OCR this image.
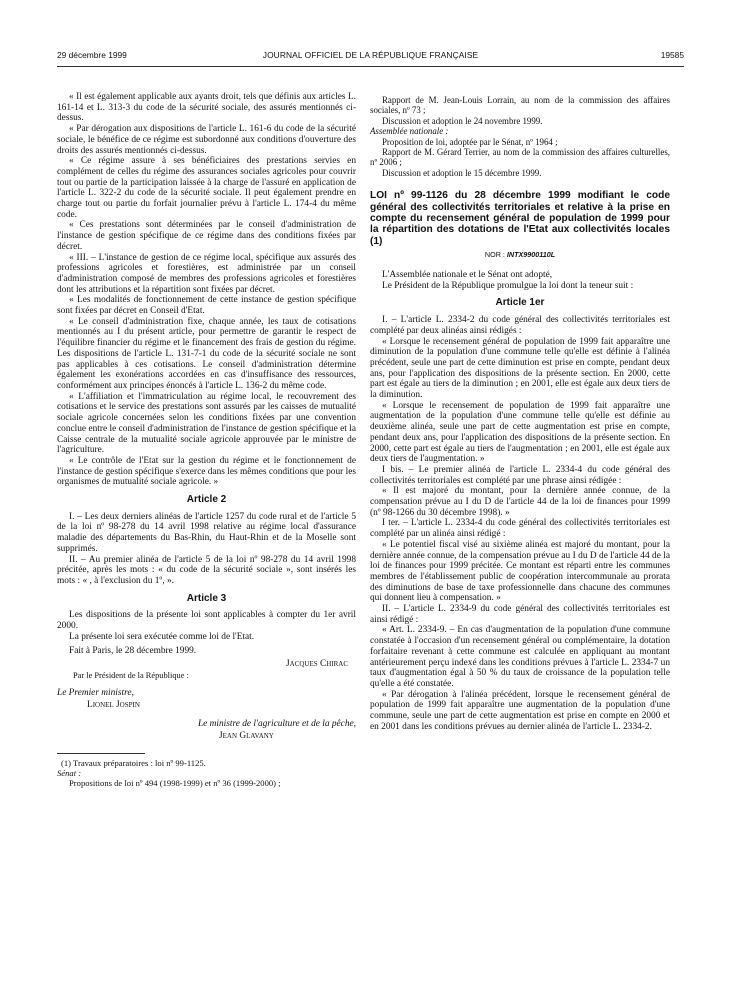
29 décembre 1999	JOURNAL OFFICIEL DE LA RÉPUBLIQUE FRANÇAISE	19585

« Il est également applicable aux ayants droit, tels que définis aux articles L. 161-14 et L. 313-3 du code de la sécurité sociale, des assurés mentionnés ci-dessus.

« Par dérogation aux dispositions de l'article L. 161-6 du code de la sécurité sociale, le bénéfice de ce régime est subordonné aux conditions d'ouverture des droits des assurés mentionnés ci-dessus.

« Ce régime assure à ses bénéficiaires des prestations servies en complément de celles du régime des assurances sociales agricoles pour couvrir tout ou partie de la participation laissée à la charge de l'assuré en application de l'article L. 322-2 du code de la sécurité sociale. Il peut également prendre en charge tout ou partie du forfait journalier prévu à l'article L. 174-4 du même code.

« Ces prestations sont déterminées par le conseil d'administration de l'instance de gestion spécifique de ce régime dans des conditions fixées par décret.

« III. – L'instance de gestion de ce régime local, spécifique aux assurés des professions agricoles et forestières, est administrée par un conseil d'administration composé de membres des professions agricoles et forestières dont les attributions et la répartition sont fixées par décret.

« Les modalités de fonctionnement de cette instance de gestion spécifique sont fixées par décret en Conseil d'Etat.

« Le conseil d'administration fixe, chaque année, les taux de cotisations mentionnés au I du présent article, pour permettre de garantir le respect de l'équilibre financier du régime et le financement des frais de gestion du régime. Les dispositions de l'article L. 131-7-1 du code de la sécurité sociale ne sont pas applicables à ces cotisations. Le conseil d'administration détermine également les exonérations accordées en cas d'insuffisance des ressources, conformément aux principes énoncés à l'article L. 136-2 du même code.

« L'affiliation et l'immatriculation au régime local, le recouvrement des cotisations et le service des prestations sont assurés par les caisses de mutualité sociale agricole concernées selon les conditions fixées par une convention conclue entre le conseil d'administration de l'instance de gestion spécifique et la Caisse centrale de la mutualité sociale agricole approuvée par le ministre de l'agriculture.

« Le contrôle de l'Etat sur la gestion du régime et le fonctionnement de l'instance de gestion spécifique s'exerce dans les mêmes conditions que pour les organismes de mutualité sociale agricole. »

Article 2

I. – Les deux derniers alinéas de l'article 1257 du code rural et de l'article 5 de la loi nº 98-278 du 14 avril 1998 relative au régime local d'assurance maladie des départements du Bas-Rhin, du Haut-Rhin et de la Moselle sont supprimés.

II. – Au premier alinéa de l'article 5 de la loi nº 98-278 du 14 avril 1998 précitée, après les mots : « du code de la sécurité sociale », sont insérés les mots : « , à l'exclusion du 1º, ».

Article 3

Les dispositions de la présente loi sont applicables à compter du 1er avril 2000.

La présente loi sera exécutée comme loi de l'Etat.

Fait à Paris, le 28 décembre 1999.

Jacques Chirac

Par le Président de la République :

Le Premier ministre,

Lionel Jospin

Le ministre de l'agriculture et de la pêche,

Jean Glavany

(1) Travaux préparatoires : loi nº 99-1125.

Sénat :

Propositions de loi nº 494 (1998-1999) et nº 36 (1999-2000) ;

Rapport de M. Jean-Louis Lorrain, au nom de la commission des affaires sociales, nº 73 ;

Discussion et adoption le 24 novembre 1999.

Assemblée nationale :

Proposition de loi, adoptée par le Sénat, nº 1964 ;

Rapport de M. Gérard Terrier, au nom de la commission des affaires culturelles, nº 2006 ;

Discussion et adoption le 15 décembre 1999.

LOI nº 99-1126 du 28 décembre 1999 modifiant le code général des collectivités territoriales et relative à la prise en compte du recensement général de population de 1999 pour la répartition des dotations de l'Etat aux collectivités locales (1)
NOR : INTX9900110L

L'Assemblée nationale et le Sénat ont adopté,

Le Président de la République promulgue la loi dont la teneur suit :

Article 1er

I. – L'article L. 2334-2 du code général des collectivités territoriales est complété par deux alinéas ainsi rédigés :

« Lorsque le recensement général de population de 1999 fait apparaître une diminution de la population d'une commune telle qu'elle est définie à l'alinéa précédent, seule une part de cette diminution est prise en compte, pendant deux ans, pour l'application des dispositions de la présente section. En 2000, cette part est égale au tiers de la diminution ; en 2001, elle est égale aux deux tiers de la diminution.

« Lorsque le recensement de population de 1999 fait apparaître une augmentation de la population d'une commune telle qu'elle est définie au deuxième alinéa, seule une part de cette augmentation est prise en compte, pendant deux ans, pour l'application des dispositions de la présente section. En 2000, cette part est égale au tiers de l'augmentation ; en 2001, elle est égale aux deux tiers de l'augmentation. »

I bis. – Le premier alinéa de l'article L. 2334-4 du code général des collectivités territoriales est complété par une phrase ainsi rédigée :

« Il est majoré du montant, pour la dernière année connue, de la compensation prévue au I du D de l'article 44 de la loi de finances pour 1999 (nº 98-1266 du 30 décembre 1998). »

I ter. – L'article L. 2334-4 du code général des collectivités territoriales est complété par un alinéa ainsi rédigé :

« Le potentiel fiscal visé au sixième alinéa est majoré du montant, pour la dernière année connue, de la compensation prévue au I du D de l'article 44 de la loi de finances pour 1999 précitée. Ce montant est réparti entre les communes membres de l'établissement public de coopération intercommunale au prorata des diminutions de base de taxe professionnelle dans chacune des communes qui donnent lieu à compensation. »

II. – L'article L. 2334-9 du code général des collectivités territoriales est ainsi rédigé :

« Art. L. 2334-9. – En cas d'augmentation de la population d'une commune constatée à l'occasion d'un recensement général ou complémentaire, la dotation forfaitaire revenant à cette commune est calculée en appliquant au montant antérieurement perçu indexé dans les conditions prévues à l'article L. 2334-7 un taux d'augmentation égal à 50 % du taux de croissance de la population telle qu'elle a été constatée.

« Par dérogation à l'alinéa précédent, lorsque le recensement général de population de 1999 fait apparaître une augmentation de la population d'une commune, seule une part de cette augmentation est prise en compte en 2000 et en 2001 dans les conditions prévues au dernier alinéa de l'article L. 2334-2.
